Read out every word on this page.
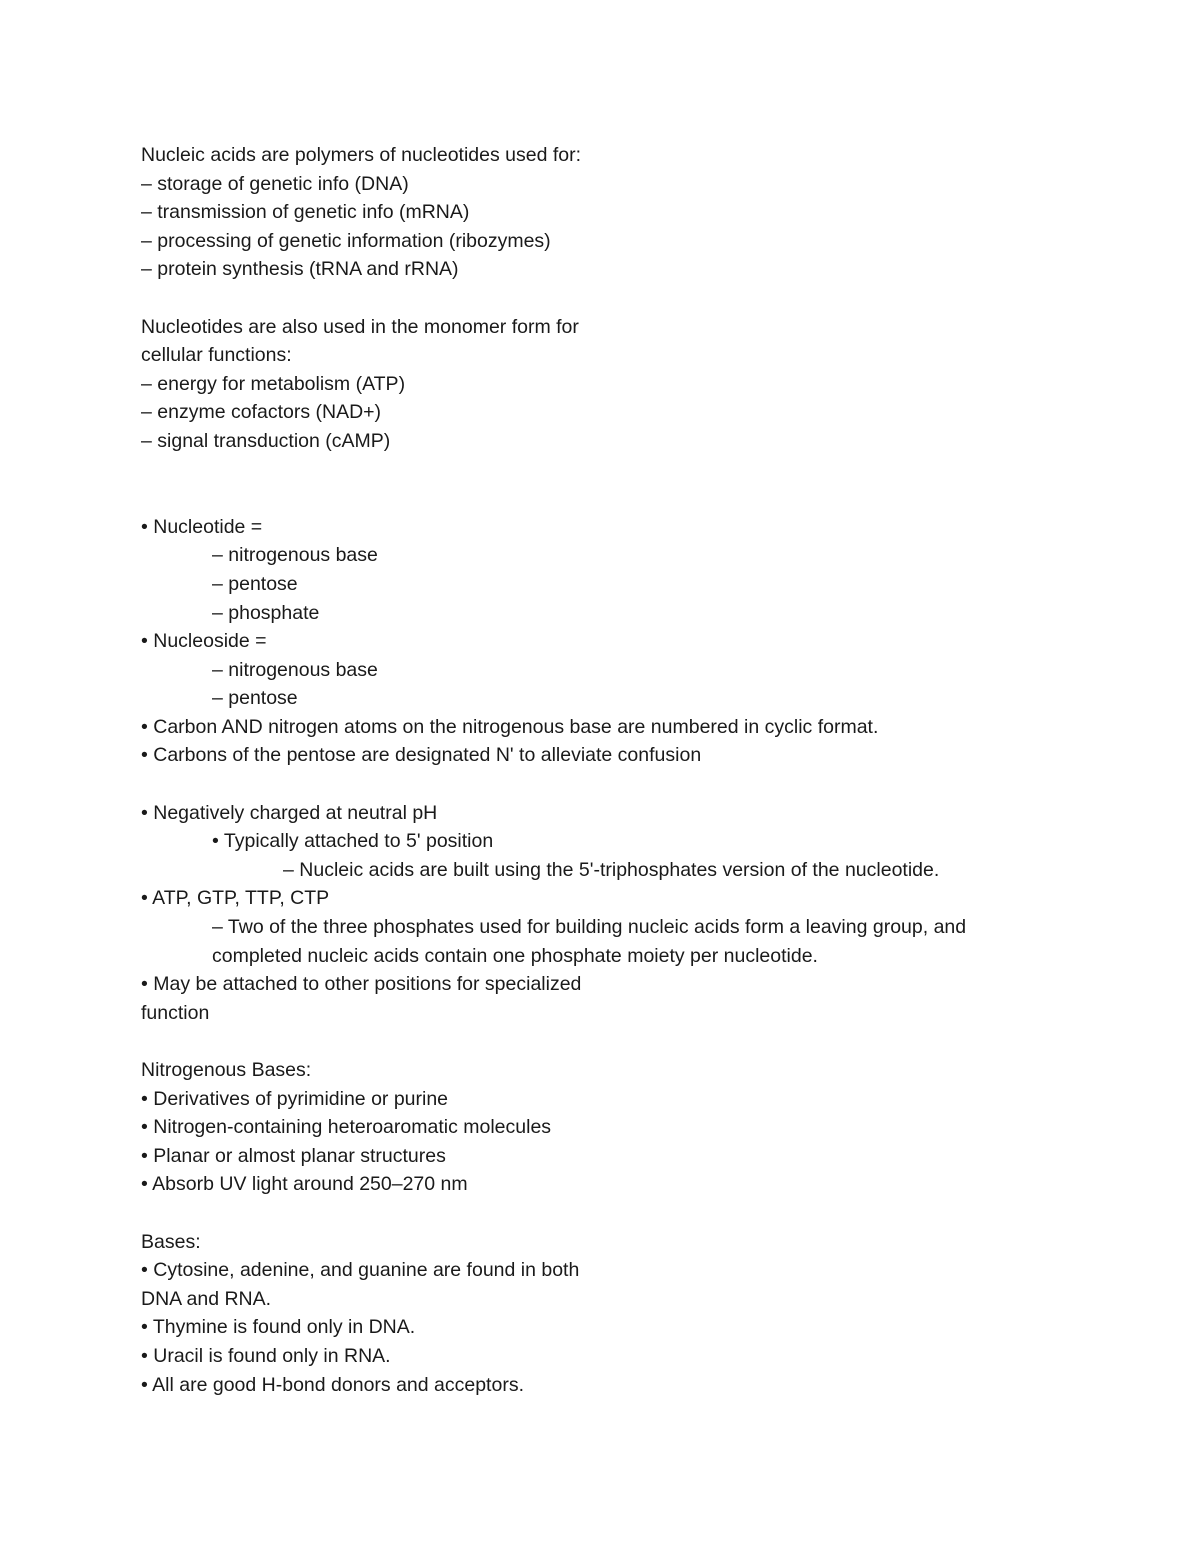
Nucleic acids are polymers of nucleotides used for:
– storage of genetic info (DNA)
– transmission of genetic info (mRNA)
– processing of genetic information (ribozymes)
– protein synthesis (tRNA and rRNA)
Nucleotides are also used in the monomer form for
cellular functions:
– energy for metabolism (ATP)
– enzyme cofactors (NAD+)
– signal transduction (cAMP)
• Nucleotide =
– nitrogenous base
– pentose
– phosphate
• Nucleoside =
– nitrogenous base
– pentose
• Carbon AND nitrogen atoms on the nitrogenous base are numbered in cyclic format.
• Carbons of the pentose are designated N' to alleviate confusion
• Negatively charged at neutral pH
• Typically attached to 5' position
– Nucleic acids are built using the 5'-triphosphates version of the nucleotide.
• ATP, GTP, TTP, CTP
– Two of the three phosphates used for building nucleic acids form a leaving group, and
completed nucleic acids contain one phosphate moiety per nucleotide.
• May be attached to other positions for specialized
function
Nitrogenous Bases:
• Derivatives of pyrimidine or purine
• Nitrogen-containing heteroaromatic molecules
• Planar or almost planar structures
• Absorb UV light around 250–270 nm
Bases:
• Cytosine, adenine, and guanine are found in both
DNA and RNA.
• Thymine is found only in DNA.
• Uracil is found only in RNA.
• All are good H-bond donors and acceptors.
